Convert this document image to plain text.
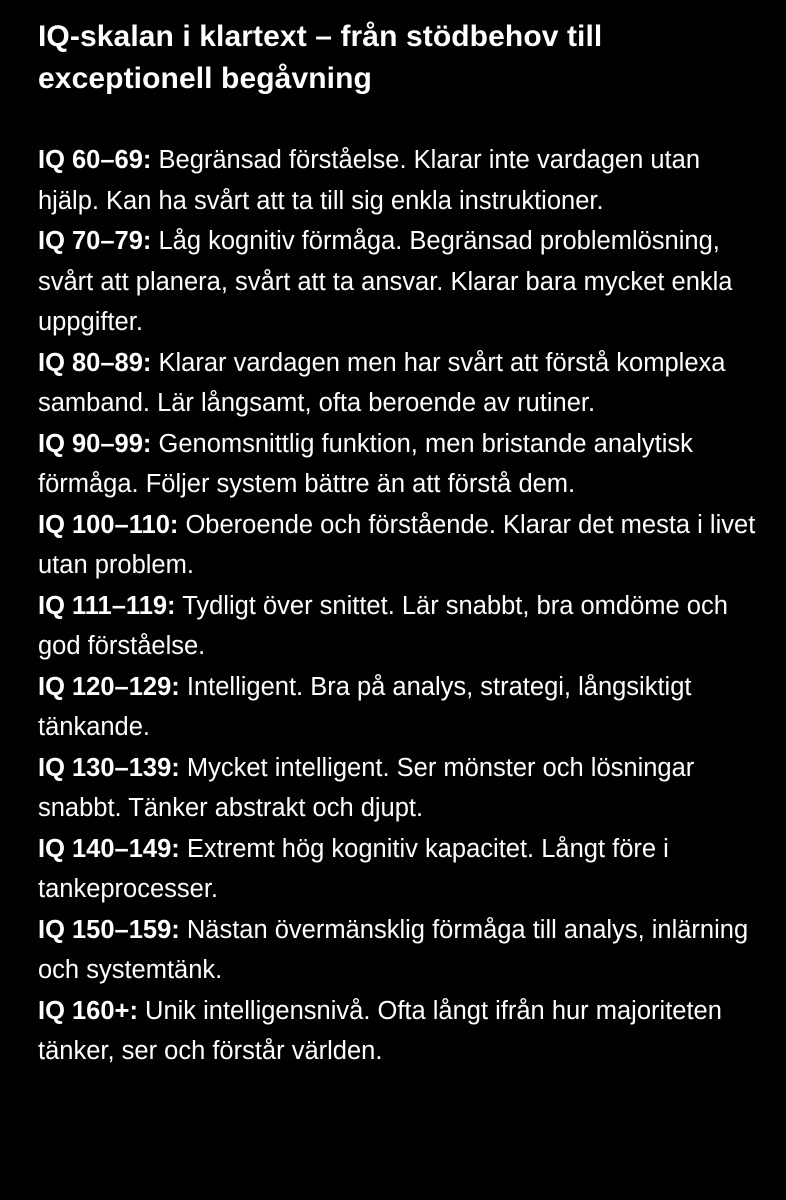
IQ-skalan i klartext – från stödbehov till exceptionell begåvning

IQ 60–69: Begränsad förståelse. Klarar inte vardagen utan hjälp. Kan ha svårt att ta till sig enkla instruktioner.

IQ 70–79: Låg kognitiv förmåga. Begränsad problemlösning, svårt att planera, svårt att ta ansvar. Klarar bara mycket enkla uppgifter.

IQ 80–89: Klarar vardagen men har svårt att förstå komplexa samband. Lär långsamt, ofta beroende av rutiner.

IQ 90–99: Genomsnittlig funktion, men bristande analytisk förmåga. Följer system bättre än att förstå dem.

IQ 100–110: Oberoende och förstående. Klarar det mesta i livet utan problem.

IQ 111–119: Tydligt över snittet. Lär snabbt, bra omdöme och god förståelse.

IQ 120–129: Intelligent. Bra på analys, strategi, långsiktigt tänkande.

IQ 130–139: Mycket intelligent. Ser mönster och lösningar snabbt. Tänker abstrakt och djupt.

IQ 140–149: Extremt hög kognitiv kapacitet. Långt före i tankeprocesser.

IQ 150–159: Nästan övermänsklig förmåga till analys, inlärning och systemtänk.

IQ 160+: Unik intelligensnivå. Ofta långt ifrån hur majoriteten tänker, ser och förstår världen.
